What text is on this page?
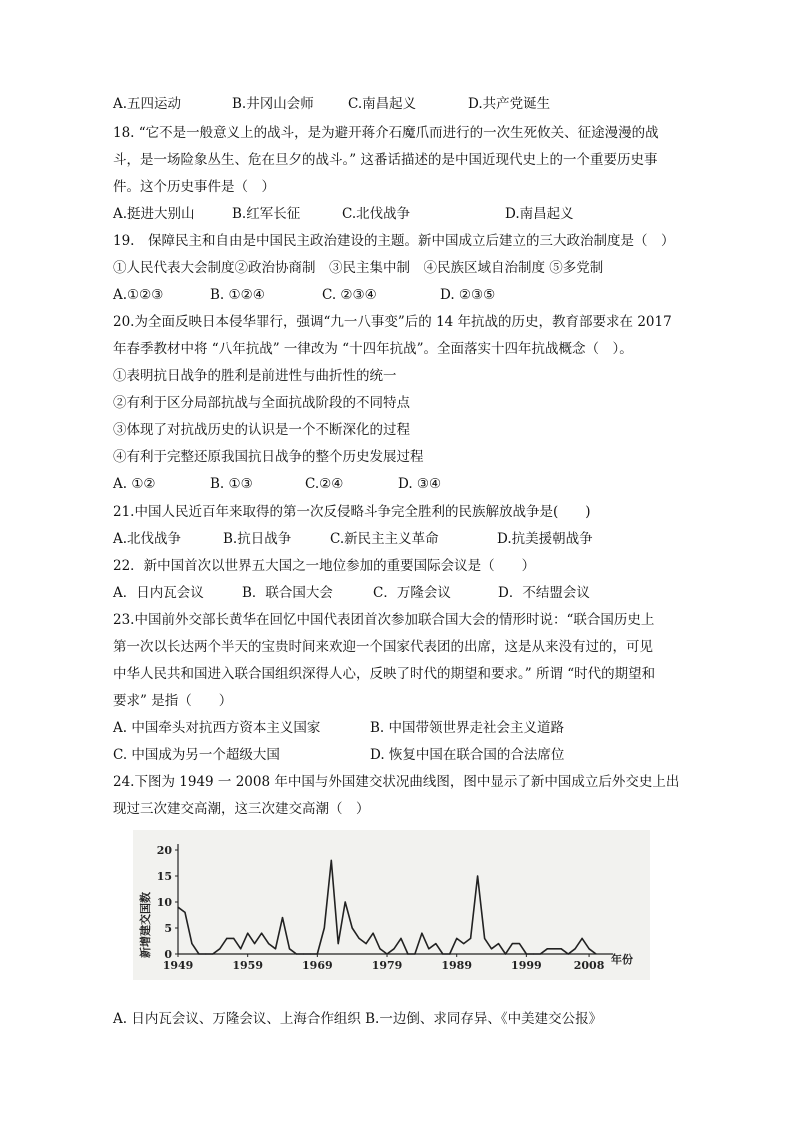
A.五四运动	B.井冈山会师	C.南昌起义	D.共产党诞生
18. “它不是一般意义上的战斗，是为避开蒋介石魔爪而进行的一次生死攸关、征途漫漫的战
斗，是一场险象丛生、危在旦夕的战斗。” 这番话描述的是中国近现代史上的一个重要历史事
件。这个历史事件是（　）
A.挺进大别山	B.红军长征	C.北伐战争	D.南昌起义
19.　保障民主和自由是中国民主政治建设的主题。新中国成立后建立的三大政治制度是（　）
①人民代表大会制度②政治协商制　③民主集中制　④民族区域自治制度 ⑤多党制
A.①②③	B. ①②④	C. ②③④	D. ②③⑤
20.为全面反映日本侵华罪行，强调“九一八事变”后的 14 年抗战的历史，教育部要求在 2017
年春季教材中将 “八年抗战” 一律改为 “十四年抗战”。全面落实十四年抗战概念（　）。
①表明抗日战争的胜利是前进性与曲折性的统一
②有利于区分局部抗战与全面抗战阶段的不同特点
③体现了对抗战历史的认识是一个不断深化的过程
④有利于完整还原我国抗日战争的整个历史发展过程
A. ①②	B. ①③	C.②④	D. ③④
21.中国人民近百年来取得的第一次反侵略斗争完全胜利的民族解放战争是(　　)
A.北伐战争	B.抗日战争	C.新民主主义革命	D.抗美援朝战争
22．新中国首次以世界五大国之一地位参加的重要国际会议是（　　）
A．日内瓦会议	B．联合国大会	C．万隆会议	D．不结盟会议
23.中国前外交部长黄华在回忆中国代表团首次参加联合国大会的情形时说：“联合国历史上
第一次以长达两个半天的宝贵时间来欢迎一个国家代表团的出席，这是从来没有过的，可见
中华人民共和国进入联合国组织深得人心，反映了时代的期望和要求。” 所谓 “时代的期望和
要求” 是指（　　）
A. 中国牵头对抗西方资本主义国家	B. 中国带领世界走社会主义道路
C. 中国成为另一个超级大国	D. 恢复中国在联合国的合法席位
24.下图为 1949 一 2008 年中国与外国建交状况曲线图，图中显示了新中国成立后外交史上出
现过三次建交高潮，这三次建交高潮（　）
0
5
10
15
20
1949	1959	1969	1979	1989	1999	2008
新增建交国数
年份
A. 日内瓦会议、万隆会议、上海合作组织 B.一边倒、求同存异、《中美建交公报》
